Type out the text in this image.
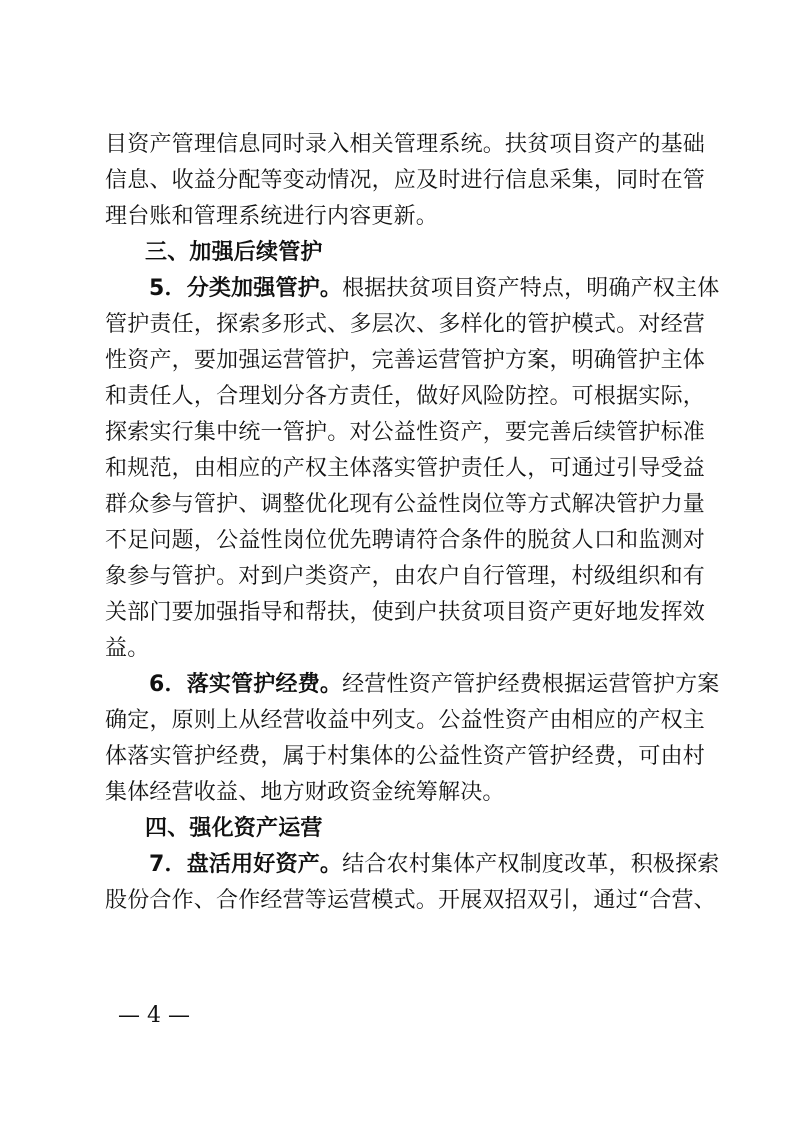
目资产管理信息同时录入相关管理系统。扶贫项目资产的基础
信息、收益分配等变动情况，应及时进行信息采集，同时在管
理台账和管理系统进行内容更新。
三、加强后续管护
5．分类加强管护。根据扶贫项目资产特点，明确产权主体
管护责任，探索多形式、多层次、多样化的管护模式。对经营
性资产，要加强运营管护，完善运营管护方案，明确管护主体
和责任人，合理划分各方责任，做好风险防控。可根据实际，
探索实行集中统一管护。对公益性资产，要完善后续管护标准
和规范，由相应的产权主体落实管护责任人，可通过引导受益
群众参与管护、调整优化现有公益性岗位等方式解决管护力量
不足问题，公益性岗位优先聘请符合条件的脱贫人口和监测对
象参与管护。对到户类资产，由农户自行管理，村级组织和有
关部门要加强指导和帮扶，使到户扶贫项目资产更好地发挥效
益。
6．落实管护经费。经营性资产管护经费根据运营管护方案
确定，原则上从经营收益中列支。公益性资产由相应的产权主
体落实管护经费，属于村集体的公益性资产管护经费，可由村
集体经营收益、地方财政资金统筹解决。
四、强化资产运营
7．盘活用好资产。结合农村集体产权制度改革，积极探索
股份合作、合作经营等运营模式。开展双招双引，通过“合营、
— 4 —
